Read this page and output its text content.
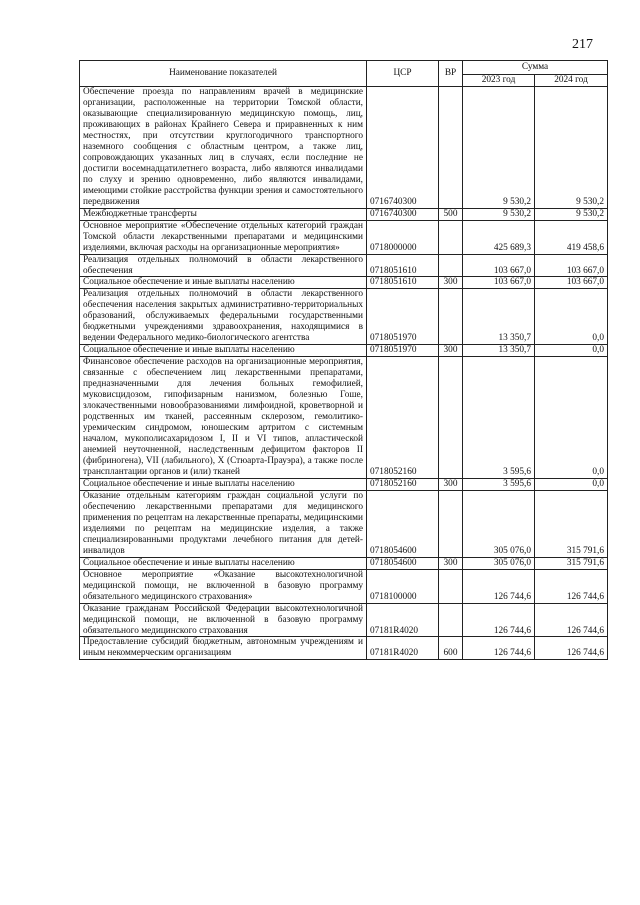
217
Наименование показателей	ЦСР	ВР	Сумма	
			2023 год	2024 год
Обеспечение проезда по направлениям врачей в медицинские организации, расположенные на территории Томской области, оказывающие специализированную медицинскую помощь, лиц, проживающих в районах Крайнего Севера и приравненных к ним местностях, при отсутствии круглогодичного транспортного наземного сообщения с областным центром, а также лиц, сопровождающих указанных лиц в случаях, если последние не достигли восемнадцатилетнего возраста, либо являются инвалидами по слуху и зрению одновременно, либо являются инвалидами, имеющими стойкие расстройства функции зрения и самостоятельного передвижения	0716740300		9 530,2	9 530,2
Межбюджетные трансферты	0716740300	500	9 530,2	9 530,2
Основное мероприятие «Обеспечение отдельных категорий граждан Томской области лекарственными препаратами и медицинскими изделиями, включая расходы на организационные мероприятия»	0718000000		425 689,3	419 458,6
Реализация отдельных полномочий в области лекарственного обеспечения	0718051610		103 667,0	103 667,0
Социальное обеспечение и иные выплаты населению	0718051610	300	103 667,0	103 667,0
Реализация отдельных полномочий в области лекарственного обеспечения населения закрытых административно-территориальных образований, обслуживаемых федеральными государственными бюджетными учреждениями здравоохранения, находящимися в ведении Федерального медико-биологического агентства	0718051970		13 350,7	0,0
Социальное обеспечение и иные выплаты населению	0718051970	300	13 350,7	0,0
Финансовое обеспечение расходов на организационные мероприятия, связанные с обеспечением лиц лекарственными препаратами, предназначенными для лечения больных гемофилией, муковисцидозом, гипофизарным нанизмом, болезнью Гоше, злокачественными новообразованиями лимфоидной, кроветворной и родственных им тканей, рассеянным склерозом, гемолитико-уремическим синдромом, юношеским артритом с системным началом, мукополисахаридозом I, II и VI типов, апластической анемией неуточненной, наследственным дефицитом факторов II (фибриногена), VII (лабильного), X (Стюарта-Прауэра), а также после трансплантации органов и (или) тканей	0718052160		3 595,6	0,0
Социальное обеспечение и иные выплаты населению	0718052160	300	3 595,6	0,0
Оказание отдельным категориям граждан социальной услуги по обеспечению лекарственными препаратами для медицинского применения по рецептам на лекарственные препараты, медицинскими изделиями по рецептам на медицинские изделия, а также специализированными продуктами лечебного питания для детей-инвалидов	0718054600		305 076,0	315 791,6
Социальное обеспечение и иные выплаты населению	0718054600	300	305 076,0	315 791,6
Основное мероприятие «Оказание высокотехнологичной медицинской помощи, не включенной в базовую программу обязательного медицинского страхования»	0718100000		126 744,6	126 744,6
Оказание гражданам Российской Федерации высокотехнологичной медицинской помощи, не включенной в базовую программу обязательного медицинского страхования	07181R4020		126 744,6	126 744,6
Предоставление субсидий бюджетным, автономным учреждениям и иным некоммерческим организациям	07181R4020	600	126 744,6	126 744,6
